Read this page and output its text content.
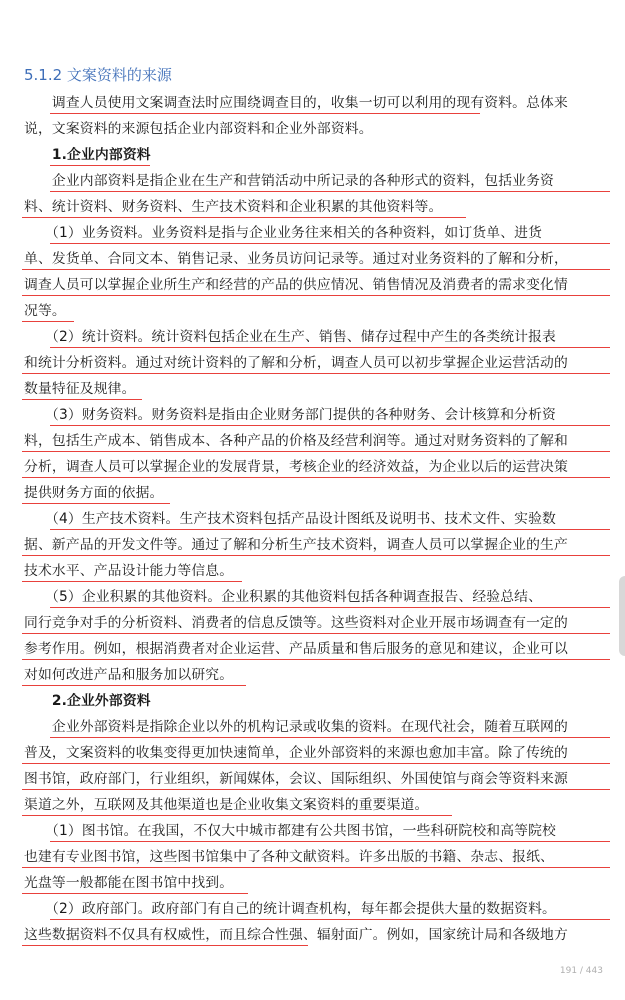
5.1.2 文案资料的来源
　　调查人员使用文案调查法时应围绕调查目的，收集一切可以利用的现有资料。总体来
说，文案资料的来源包括企业内部资料和企业外部资料。
　　1.企业内部资料
　　企业内部资料是指企业在生产和营销活动中所记录的各种形式的资料，包括业务资
料、统计资料、财务资料、生产技术资料和企业积累的其他资料等。
　　（1）业务资料。业务资料是指与企业业务往来相关的各种资料，如订货单、进货
单、发货单、合同文本、销售记录、业务员访问记录等。通过对业务资料的了解和分析，
调查人员可以掌握企业所生产和经营的产品的供应情况、销售情况及消费者的需求变化情
况等。
　　（2）统计资料。统计资料包括企业在生产、销售、储存过程中产生的各类统计报表
和统计分析资料。通过对统计资料的了解和分析，调查人员可以初步掌握企业运营活动的
数量特征及规律。
　　（3）财务资料。财务资料是指由企业财务部门提供的各种财务、会计核算和分析资
料，包括生产成本、销售成本、各种产品的价格及经营利润等。通过对财务资料的了解和
分析，调查人员可以掌握企业的发展背景，考核企业的经济效益，为企业以后的运营决策
提供财务方面的依据。
　　（4）生产技术资料。生产技术资料包括产品设计图纸及说明书、技术文件、实验数
据、新产品的开发文件等。通过了解和分析生产技术资料，调查人员可以掌握企业的生产
技术水平、产品设计能力等信息。
　　（5）企业积累的其他资料。企业积累的其他资料包括各种调查报告、经验总结、
同行竞争对手的分析资料、消费者的信息反馈等。这些资料对企业开展市场调查有一定的
参考作用。例如，根据消费者对企业运营、产品质量和售后服务的意见和建议，企业可以
对如何改进产品和服务加以研究。
　　2.企业外部资料
　　企业外部资料是指除企业以外的机构记录或收集的资料。在现代社会，随着互联网的
普及，文案资料的收集变得更加快速简单，企业外部资料的来源也愈加丰富。除了传统的
图书馆，政府部门，行业组织，新闻媒体，会议、国际组织、外国使馆与商会等资料来源
渠道之外，互联网及其他渠道也是企业收集文案资料的重要渠道。
　　（1）图书馆。在我国，不仅大中城市都建有公共图书馆，一些科研院校和高等院校
也建有专业图书馆，这些图书馆集中了各种文献资料。许多出版的书籍、杂志、报纸、
光盘等一般都能在图书馆中找到。
　　（2）政府部门。政府部门有自己的统计调查机构，每年都会提供大量的数据资料。
这些数据资料不仅具有权威性，而且综合性强、辐射面广。例如，国家统计局和各级地方
191 / 443
